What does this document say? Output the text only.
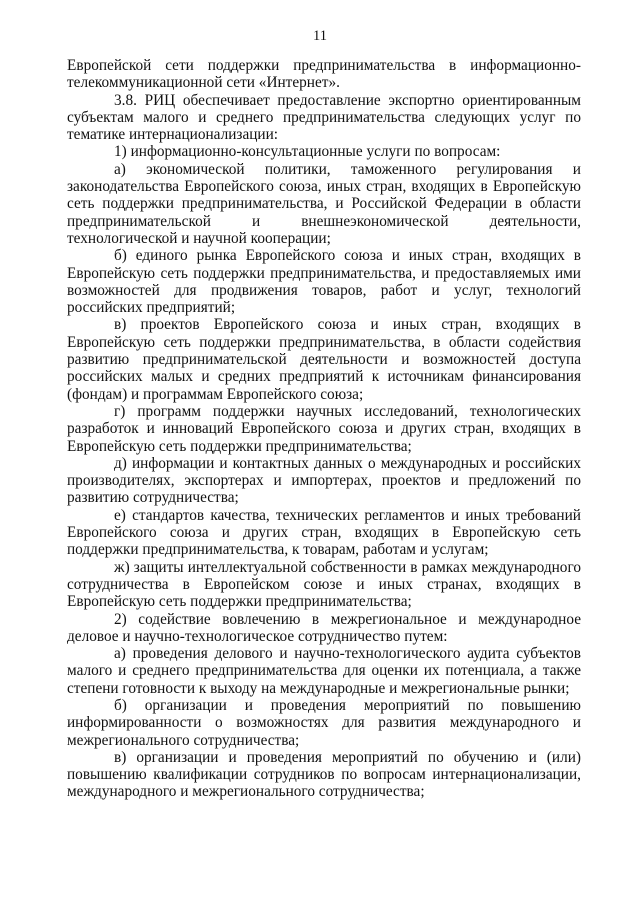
11

Европейской сети поддержки предпринимательства в информационно-телекоммуникационной сети «Интернет».

3.8. РИЦ обеспечивает предоставление экспортно ориентированным субъектам малого и среднего предпринимательства следующих услуг по тематике интернационализации:

1) информационно-консультационные услуги по вопросам:

а) экономической политики, таможенного регулирования и законодательства Европейского союза, иных стран, входящих в Европейскую сеть поддержки предпринимательства, и Российской Федерации в области предпринимательской и внешнеэкономической деятельности, технологической и научной кооперации;

б) единого рынка Европейского союза и иных стран, входящих в Европейскую сеть поддержки предпринимательства, и предоставляемых ими возможностей для продвижения товаров, работ и услуг, технологий российских предприятий;

в) проектов Европейского союза и иных стран, входящих в Европейскую сеть поддержки предпринимательства, в области содействия развитию предпринимательской деятельности и возможностей доступа российских малых и средних предприятий к источникам финансирования (фондам) и программам Европейского союза;

г) программ поддержки научных исследований, технологических разработок и инноваций Европейского союза и других стран, входящих в Европейскую сеть поддержки предпринимательства;

д) информации и контактных данных о международных и российских производителях, экспортерах и импортерах, проектов и предложений по развитию сотрудничества;

е) стандартов качества, технических регламентов и иных требований Европейского союза и других стран, входящих в Европейскую сеть поддержки предпринимательства, к товарам, работам и услугам;

ж) защиты интеллектуальной собственности в рамках международного сотрудничества в Европейском союзе и иных странах, входящих в Европейскую сеть поддержки предпринимательства;

2) содействие вовлечению в межрегиональное и международное деловое и научно-технологическое сотрудничество путем:

а) проведения делового и научно-технологического аудита субъектов малого и среднего предпринимательства для оценки их потенциала, а также степени готовности к выходу на международные и межрегиональные рынки;

б) организации и проведения мероприятий по повышению информированности о возможностях для развития международного и межрегионального сотрудничества;

в) организации и проведения мероприятий по обучению и (или) повышению квалификации сотрудников по вопросам интернационализации, международного и межрегионального сотрудничества;
